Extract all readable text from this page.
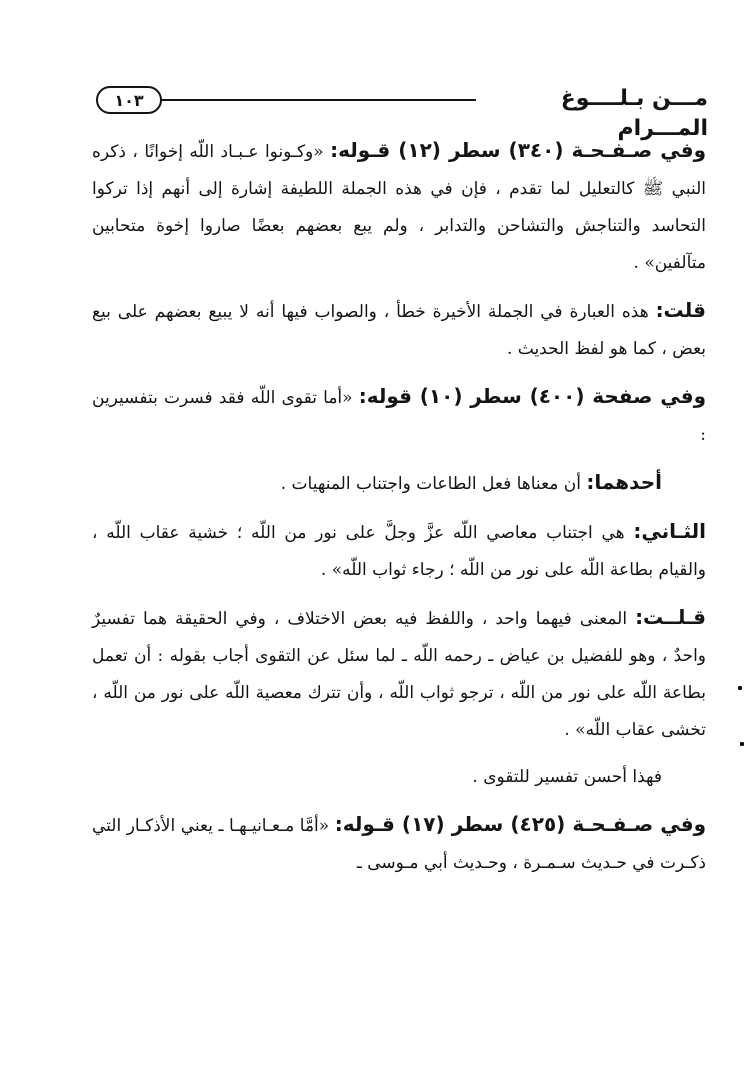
١٠٣	مـــن بـلــــوغ المـــرام

وفي صـفـحـة (٣٤٠) سطر (١٢) قـوله: «وكـونوا عـبـاد اللّه إخوانًا ، ذكره النبي ﷺ كالتعليل لما تقدم ، فإن في هذه الجملة اللطيفة إشارة إلى أنهم إذا تركوا التحاسد والتناجش والتشاحن والتدابر ، ولم يبع بعضهم بعضًا صاروا إخوة متحابين متآلفين» .

قلت: هذه العبارة في الجملة الأخيرة خطأ ، والصواب فيها أنه لا يبيع بعضهم على بيع بعض ، كما هو لفظ الحديث .

وفي صفحة (٤٠٠) سطر (١٠) قوله: «أما تقوى اللّه فقد فسرت بتفسيرين :

أحدهما: أن معناها فعل الطاعات واجتناب المنهيات .

الثـاني: هي اجتناب معاصي اللّه عزَّ وجلَّ على نور من اللّه ؛ خشية عقاب اللّه ، والقيام بطاعة اللّه على نور من اللّه ؛ رجاء ثواب اللّه» .

قـلــت: المعنى فيهما واحد ، واللفظ فيه بعض الاختلاف ، وفي الحقيقة هما تفسيرٌ واحدٌ ، وهو للفضيل بن عياض ـ رحمه اللّه ـ لما سئل عن التقوى أجاب بقوله : أن تعمل بطاعة اللّه على نور من اللّه ، ترجو ثواب اللّه ، وأن تترك معصية اللّه على نور من اللّه ، تخشى عقاب اللّه» .

فهذا أحسن تفسير للتقوى .

وفي صـفـحـة (٤٢٥) سطر (١٧) قـوله: «أمَّا مـعـانيـهـا ـ يعني الأذكـار التي ذكـرت في حـديث سـمـرة ، وحـديث أبي مـوسى ـ
